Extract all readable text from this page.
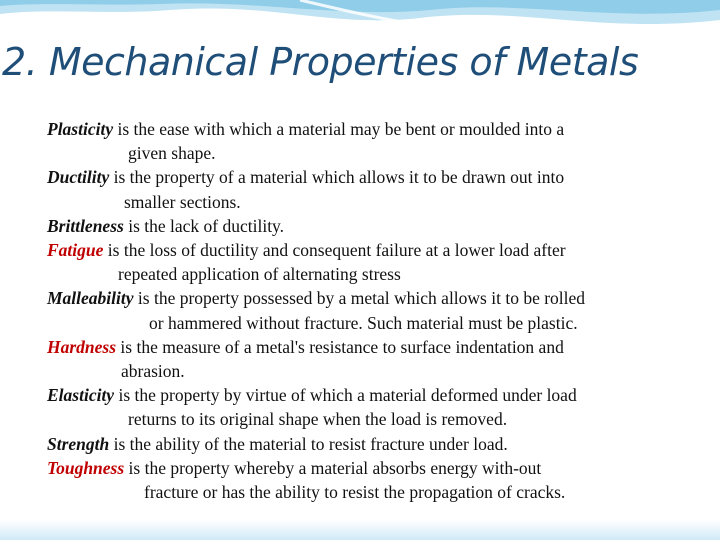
2. Mechanical Properties of Metals

Plasticity is the ease with which a material may be bent or moulded into a
given shape.

Ductility is the property of a material which allows it to be drawn out into
smaller sections.

Brittleness is the lack of ductility.

Fatigue is the loss of ductility and consequent failure at a lower load after
repeated application of alternating stress

Malleability is the property possessed by a metal which allows it to be rolled
or hammered without fracture. Such material must be plastic.

Hardness is the measure of a metal's resistance to surface indentation and
abrasion.

Elasticity is the property by virtue of which a material deformed under load
returns to its original shape when the load is removed.

Strength is the ability of the material to resist fracture under load.

Toughness is the property whereby a material absorbs energy with-out
fracture or has the ability to resist the propagation of cracks.
